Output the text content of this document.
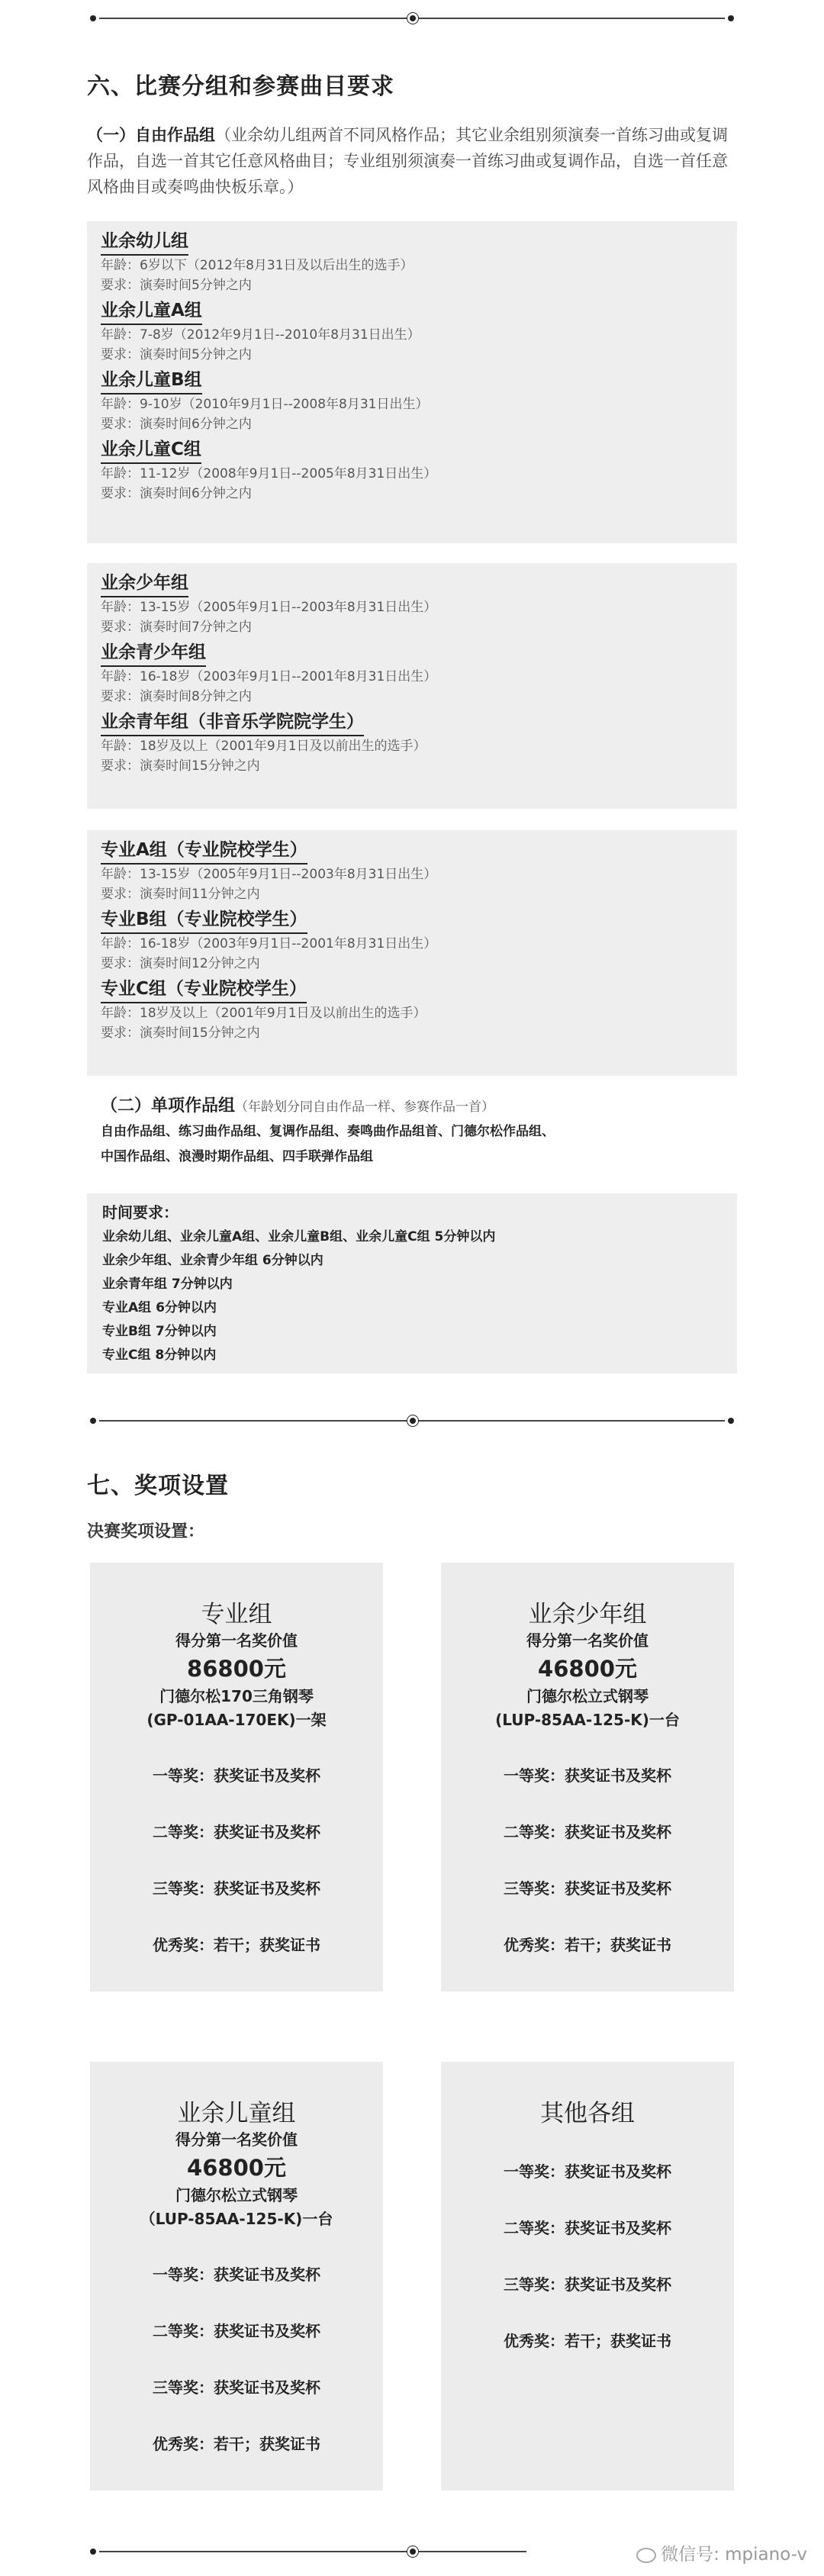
六、比赛分组和参赛曲目要求
（一）自由作品组（业余幼儿组两首不同风格作品；其它业余组别须演奏一首练习曲或复调作品，自选一首其它任意风格曲目；专业组别须演奏一首练习曲或复调作品，自选一首任意风格曲目或奏鸣曲快板乐章。）
业余幼儿组
年龄：6岁以下（2012年8月31日及以后出生的选手）
要求：演奏时间5分钟之内
业余儿童A组
年龄：7-8岁（2012年9月1日--2010年8月31日出生）
要求：演奏时间5分钟之内
业余儿童B组
年龄：9-10岁（2010年9月1日--2008年8月31日出生）
要求：演奏时间6分钟之内
业余儿童C组
年龄：11-12岁（2008年9月1日--2005年8月31日出生）
要求：演奏时间6分钟之内
业余少年组
年龄：13-15岁（2005年9月1日--2003年8月31日出生）
要求：演奏时间7分钟之内
业余青少年组
年龄：16-18岁（2003年9月1日--2001年8月31日出生）
要求：演奏时间8分钟之内
业余青年组（非音乐学院院学生）
年龄：18岁及以上（2001年9月1日及以前出生的选手）
要求：演奏时间15分钟之内
专业A组（专业院校学生）
年龄：13-15岁（2005年9月1日--2003年8月31日出生）
要求：演奏时间11分钟之内
专业B组（专业院校学生）
年龄：16-18岁（2003年9月1日--2001年8月31日出生）
要求：演奏时间12分钟之内
专业C组（专业院校学生）
年龄：18岁及以上（2001年9月1日及以前出生的选手）
要求：演奏时间15分钟之内
（二）单项作品组（年龄划分同自由作品一样、参赛作品一首）
自由作品组、练习曲作品组、复调作品组、奏鸣曲作品组首、门德尔松作品组、
中国作品组、浪漫时期作品组、四手联弹作品组
时间要求：
业余幼儿组、业余儿童A组、业余儿童B组、业余儿童C组 5分钟以内
业余少年组、业余青少年组 6分钟以内
业余青年组 7分钟以内
专业A组 6分钟以内
专业B组 7分钟以内
专业C组 8分钟以内
七、奖项设置
决赛奖项设置：
专业组
得分第一名奖价值
86800元
门德尔松170三角钢琴
(GP-01AA-170EK)一架
一等奖：获奖证书及奖杯
二等奖：获奖证书及奖杯
三等奖：获奖证书及奖杯
优秀奖：若干；获奖证书
业余少年组
得分第一名奖价值
46800元
门德尔松立式钢琴
(LUP-85AA-125-K)一台
一等奖：获奖证书及奖杯
二等奖：获奖证书及奖杯
三等奖：获奖证书及奖杯
优秀奖：若干；获奖证书
业余儿童组
得分第一名奖价值
46800元
门德尔松立式钢琴
（LUP-85AA-125-K)一台
一等奖：获奖证书及奖杯
二等奖：获奖证书及奖杯
三等奖：获奖证书及奖杯
优秀奖：若干；获奖证书
其他各组
一等奖：获奖证书及奖杯
二等奖：获奖证书及奖杯
三等奖：获奖证书及奖杯
优秀奖：若干；获奖证书
微信号: mpiano-v
